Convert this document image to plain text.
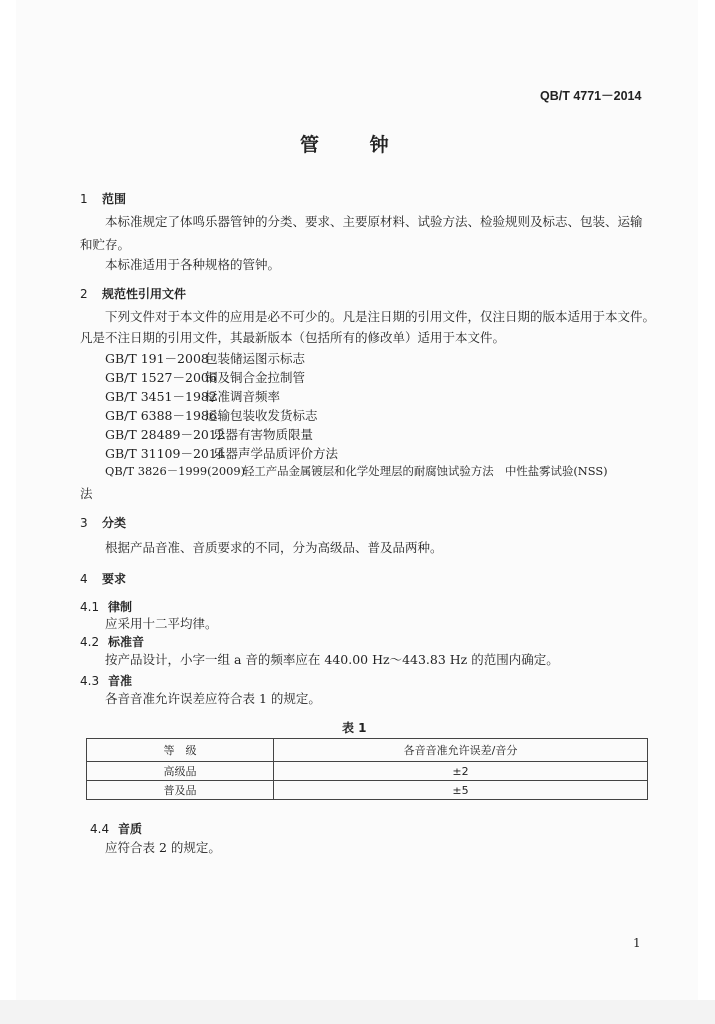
QB/T 4771－2014
管 钟
1 范围
本标准规定了体鸣乐器管钟的分类、要求、主要原材料、试验方法、检验规则及标志、包装、运输
和贮存。
本标准适用于各种规格的管钟。
2 规范性引用文件
下列文件对于本文件的应用是必不可少的。凡是注日期的引用文件，仅注日期的版本适用于本文件。
凡是不注日期的引用文件，其最新版本（包括所有的修改单）适用于本文件。
GB/T 191－2008包装储运图示标志
GB/T 1527－2006铜及铜合金拉制管
GB/T 3451－1982标准调音频率
GB/T 6388－1986运输包装收发货标志
GB/T 28489－2012乐器有害物质限量
GB/T 31109－2014乐器声学品质评价方法
QB/T 3826－1999(2009)轻工产品金属镀层和化学处理层的耐腐蚀试验方法　中性盐雾试验(NSS)
法
3 分类
根据产品音准、音质要求的不同，分为高级品、普及品两种。
4 要求
4.1 律制
应采用十二平均律。
4.2 标准音
按产品设计，小字一组 a 音的频率应在 440.00 Hz～443.83 Hz 的范围内确定。
4.3 音准
各音音准允许误差应符合表 1 的规定。
表 1
等　级	各音音准允许误差/音分
高级品	±2
普及品	±5
4.4 音质
应符合表 2 的规定。
1
